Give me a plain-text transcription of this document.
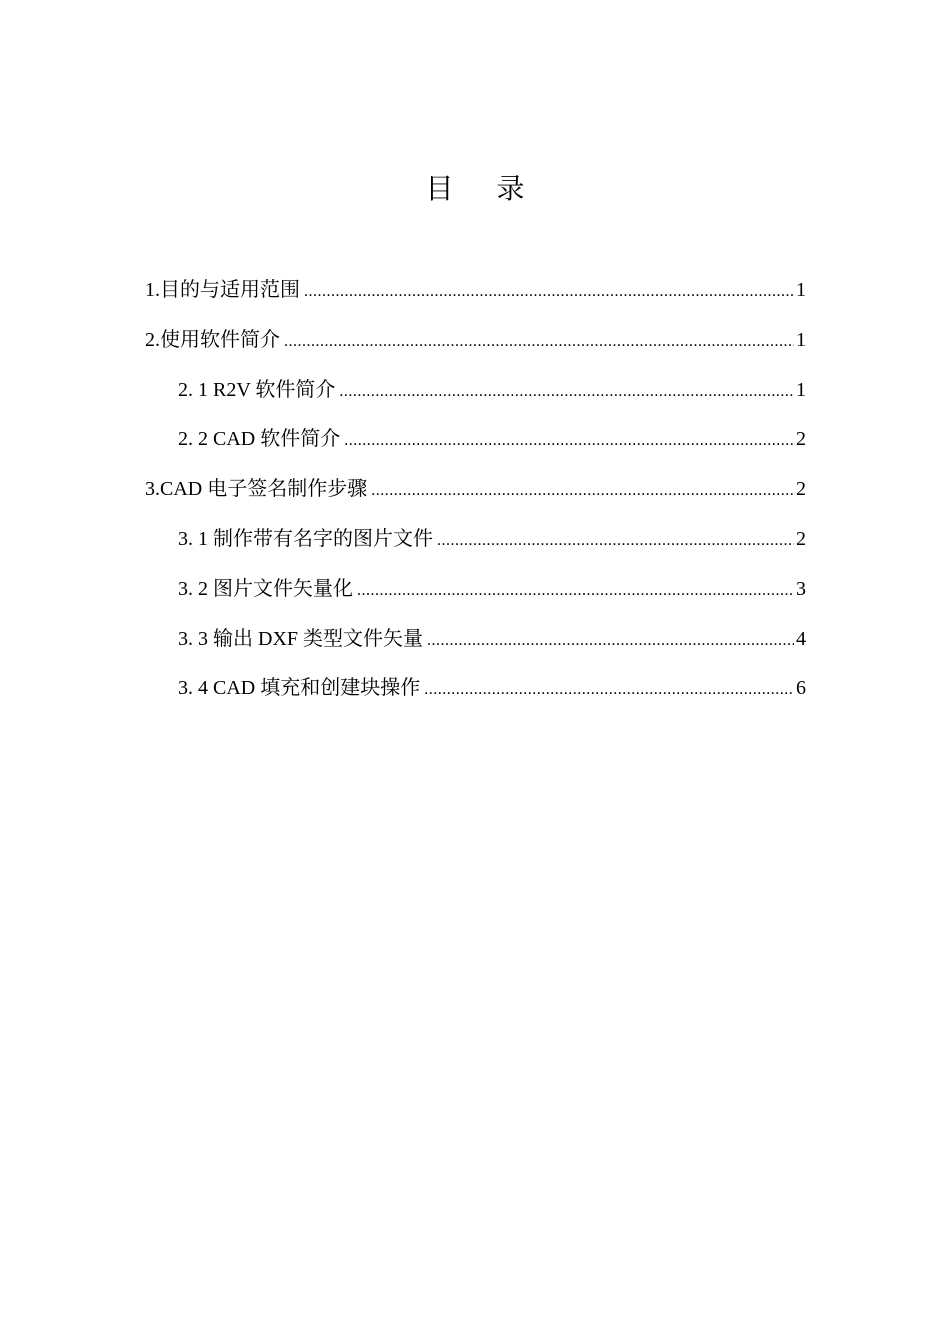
目 录
1.目的与适用范围 .....	1
2.使用软件简介 .....	1
2. 1 R2V 软件简介 .....	1
2. 2 CAD 软件简介 .....	2
3.CAD 电子签名制作步骤 .....	2
3. 1 制作带有名字的图片文件 .....	2
3. 2 图片文件矢量化 .....	3
3. 3 输出 DXF 类型文件矢量 .....	4
3. 4 CAD 填充和创建块操作 .....	6
